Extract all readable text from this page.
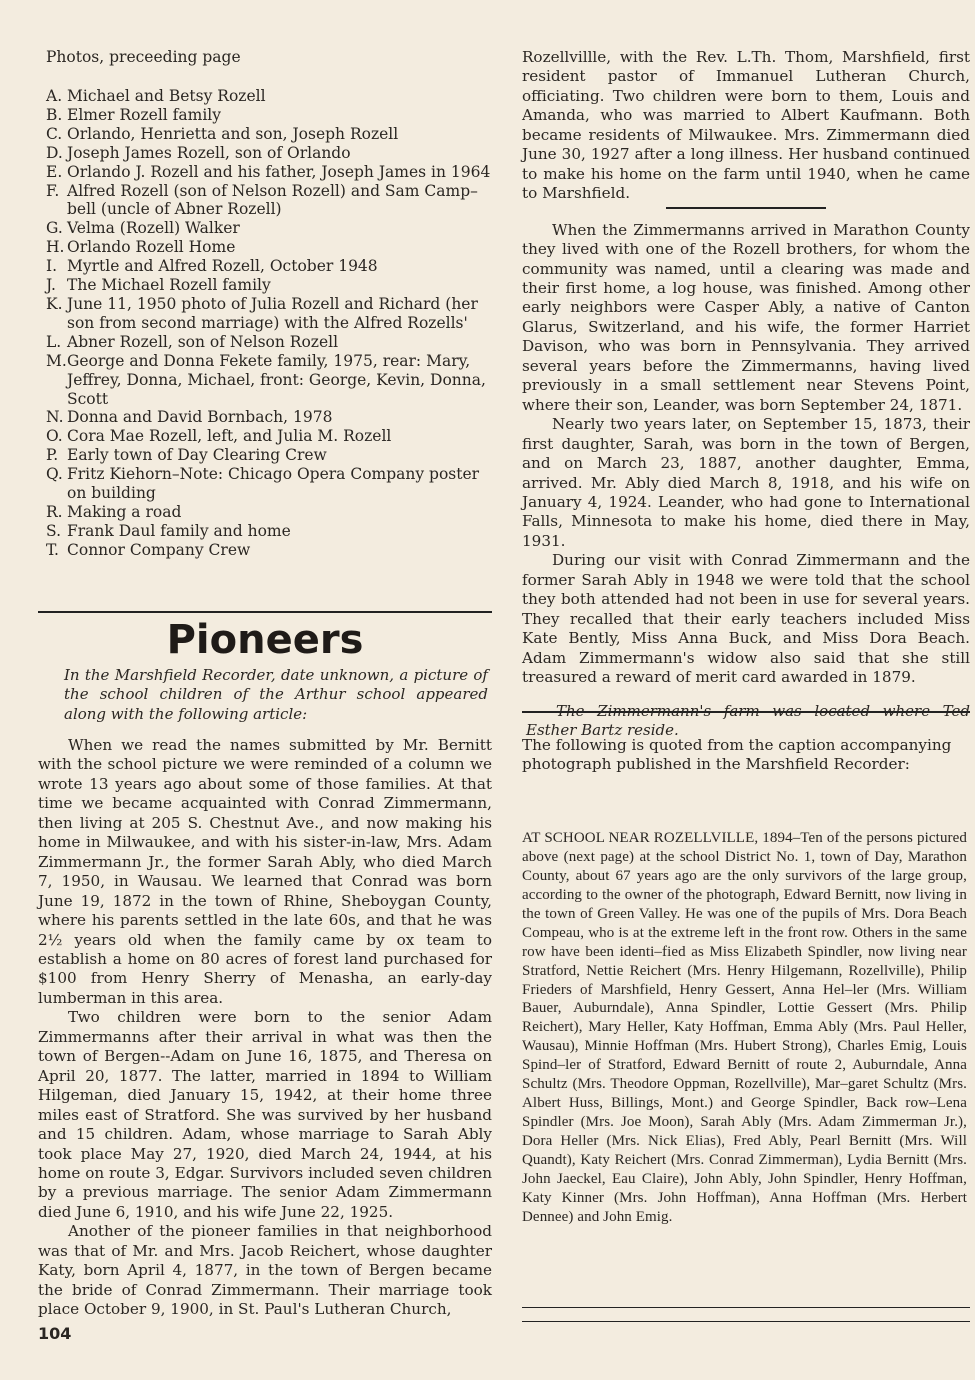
Photos, preceeding page
A. Michael and Betsy Rozell
B. Elmer Rozell family
C. Orlando, Henrietta and son, Joseph Rozell
D. Joseph James Rozell, son of Orlando
E. Orlando J. Rozell and his father, Joseph James in 1964
F. Alfred Rozell (son of Nelson Rozell) and Sam Camp–bell (uncle of Abner Rozell)
G. Velma (Rozell) Walker
H. Orlando Rozell Home
I. Myrtle and Alfred Rozell, October 1948
J. The Michael Rozell family
K. June 11, 1950 photo of Julia Rozell and Richard (her son from second marriage) with the Alfred Rozells'
L. Abner Rozell, son of Nelson Rozell
M. George and Donna Fekete family, 1975, rear: Mary, Jeffrey, Donna, Michael, front: George, Kevin, Donna, Scott
N. Donna and David Bornbach, 1978
O. Cora Mae Rozell, left, and Julia M. Rozell
P. Early town of Day Clearing Crew
Q. Fritz Kiehorn–Note: Chicago Opera Company poster on building
R. Making a road
S. Frank Daul family and home
T. Connor Company Crew
Pioneers

In the Marshfield Recorder, date unknown, a picture of the school children of the Arthur school appeared along with the following article:

When we read the names submitted by Mr. Bernitt with the school picture we were reminded of a column we wrote 13 years ago about some of those families. At that time we became acquainted with Conrad Zimmermann, then living at 205 S. Chestnut Ave., and now making his home in Milwaukee, and with his sister-in-law, Mrs. Adam Zimmermann Jr., the former Sarah Ably, who died March 7, 1950, in Wausau. We learned that Conrad was born June 19, 1872 in the town of Rhine, Sheboygan County, where his parents settled in the late 60s, and that he was 2½ years old when the family came by ox team to establish a home on 80 acres of forest land purchased for $100 from Henry Sherry of Menasha, an early-day lumberman in this area.

Two children were born to the senior Adam Zimmermanns after their arrival in what was then the town of Bergen--Adam on June 16, 1875, and Theresa on April 20, 1877. The latter, married in 1894 to William Hilgeman, died January 15, 1942, at their home three miles east of Stratford. She was survived by her husband and 15 children. Adam, whose marriage to Sarah Ably took place May 27, 1920, died March 24, 1944, at his home on route 3, Edgar. Survivors included seven children by a previous marriage. The senior Adam Zimmermann died June 6, 1910, and his wife June 22, 1925.

Another of the pioneer families in that neighborhood was that of Mr. and Mrs. Jacob Reichert, whose daughter Katy, born April 4, 1877, in the town of Bergen became the bride of Conrad Zimmermann. Their marriage took place October 9, 1900, in St. Paul's Lutheran Church,

104

Rozellvillle, with the Rev. L.Th. Thom, Marshfield, first resident pastor of Immanuel Lutheran Church, officiating. Two children were born to them, Louis and Amanda, who was married to Albert Kaufmann. Both became residents of Milwaukee. Mrs. Zimmermann died June 30, 1927 after a long illness. Her husband continued to make his home on the farm until 1940, when he came to Marshfield.

When the Zimmermanns arrived in Marathon County they lived with one of the Rozell brothers, for whom the community was named, until a clearing was made and their first home, a log house, was finished. Among other early neighbors were Casper Ably, a native of Canton Glarus, Switzerland, and his wife, the former Harriet Davison, who was born in Pennsylvania. They arrived several years before the Zimmermanns, having lived previously in a small settlement near Stevens Point, where their son, Leander, was born September 24, 1871.

Nearly two years later, on September 15, 1873, their first daughter, Sarah, was born in the town of Bergen, and on March 23, 1887, another daughter, Emma, arrived. Mr. Ably died March 8, 1918, and his wife on January 4, 1924. Leander, who had gone to International Falls, Minnesota to make his home, died there in May, 1931.

During our visit with Conrad Zimmermann and the former Sarah Ably in 1948 we were told that the school they both attended had not been in use for several years. They recalled that their early teachers included Miss Kate Bently, Miss Anna Buck, and Miss Dora Beach. Adam Zimmermann's widow also said that she still treasured a reward of merit card awarded in 1879.

The Zimmermann's farm was located where Ted Esther Bartz reside.

The following is quoted from the caption accompanying photograph published in the Marshfield Recorder:

AT SCHOOL NEAR ROZELLVILLE, 1894–Ten of the persons pictured above (next page) at the school District No. 1, town of Day, Marathon County, about 67 years ago are the only survivors of the large group, according to the owner of the photograph, Edward Bernitt, now living in the town of Green Valley. He was one of the pupils of Mrs. Dora Beach Compeau, who is at the extreme left in the front row. Others in the same row have been identi–fied as Miss Elizabeth Spindler, now living near Stratford, Nettie Reichert (Mrs. Henry Hilgemann, Rozellville), Philip Frieders of Marshfield, Henry Gessert, Anna Hel–ler (Mrs. William Bauer, Auburndale), Anna Spindler, Lottie Gessert (Mrs. Philip Reichert), Mary Heller, Katy Hoffman, Emma Ably (Mrs. Paul Heller, Wausau), Minnie Hoffman (Mrs. Hubert Strong), Charles Emig, Louis Spind–ler of Stratford, Edward Bernitt of route 2, Auburndale, Anna Schultz (Mrs. Theodore Oppman, Rozellville), Mar–garet Schultz (Mrs. Albert Huss, Billings, Mont.) and George Spindler, Back row–Lena Spindler (Mrs. Joe Moon), Sarah Ably (Mrs. Adam Zimmerman Jr.), Dora Heller (Mrs. Nick Elias), Fred Ably, Pearl Bernitt (Mrs. Will Quandt), Katy Reichert (Mrs. Conrad Zimmerman), Lydia Bernitt (Mrs. John Jaeckel, Eau Claire), John Ably, John Spindler, Henry Hoffman, Katy Kinner (Mrs. John Hoffman), Anna Hoffman (Mrs. Herbert Dennee) and John Emig.
